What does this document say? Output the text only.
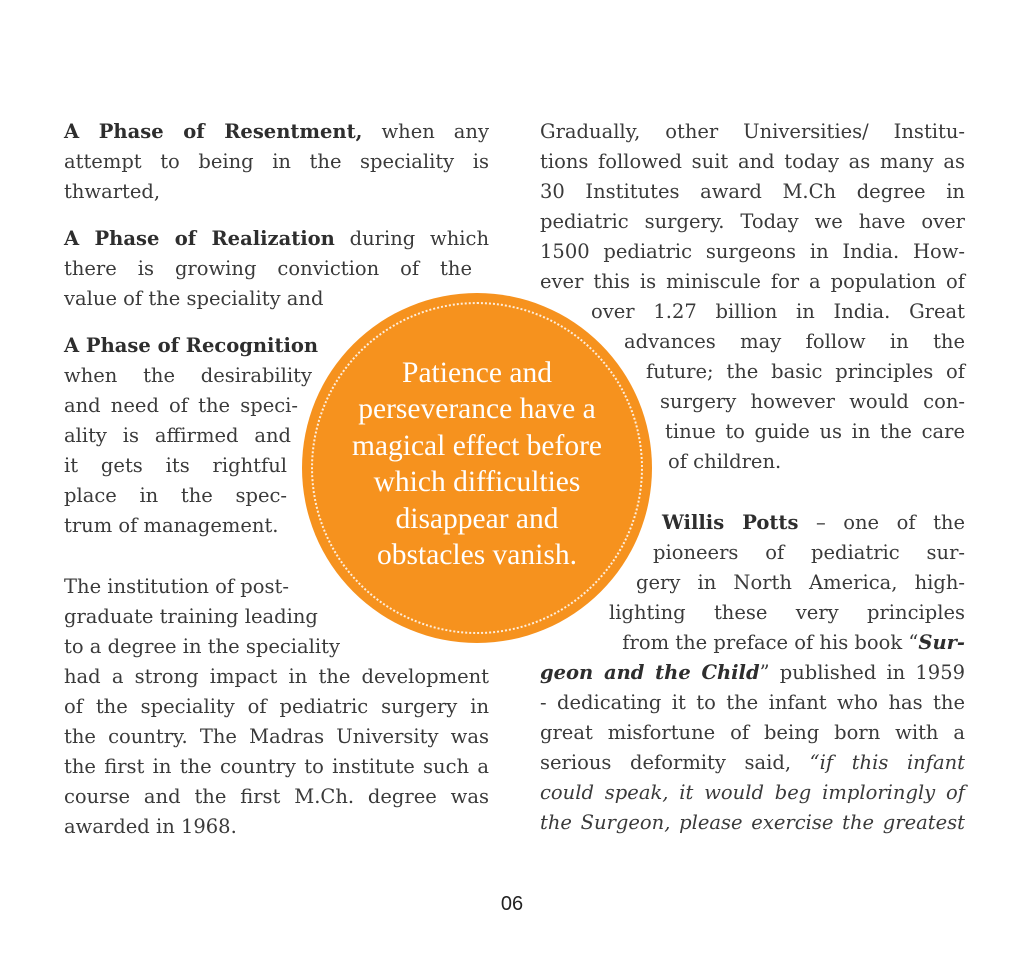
A Phase of Resentment, when any
attempt to being in the speciality is
thwarted,
A Phase of Realization during which
there is growing conviction of the
value of the speciality and
A Phase of Recognition
when the desirability
and need of the speci-
ality is affirmed and
it gets its rightful
place in the spec-
trum of management.
The institution of post-
graduate training leading
to a degree in the speciality
had a strong impact in the development
of the speciality of pediatric surgery in
the country. The Madras University was
the first in the country to institute such a
course and the first M.Ch. degree was
awarded in 1968.
Gradually, other Universities/ Institu-
tions followed suit and today as many as
30 Institutes award M.Ch degree in
pediatric surgery. Today we have over
1500 pediatric surgeons in India. How-
ever this is miniscule for a population of
over 1.27 billion in India. Great
advances may follow in the
future; the basic principles of
surgery however would con-
tinue to guide us in the care
of children.
Willis Potts – one of the
pioneers of pediatric sur-
gery in North America, high-
lighting these very principles
from the preface of his book “Sur-
geon and the Child” published in 1959
- dedicating it to the infant who has the
great misfortune of being born with a
serious deformity said, “if this infant
could speak, it would beg imploringly of
the Surgeon, please exercise the greatest
Patience and
perseverance have a
magical effect before
which difficulties
disappear and
obstacles vanish.
06
